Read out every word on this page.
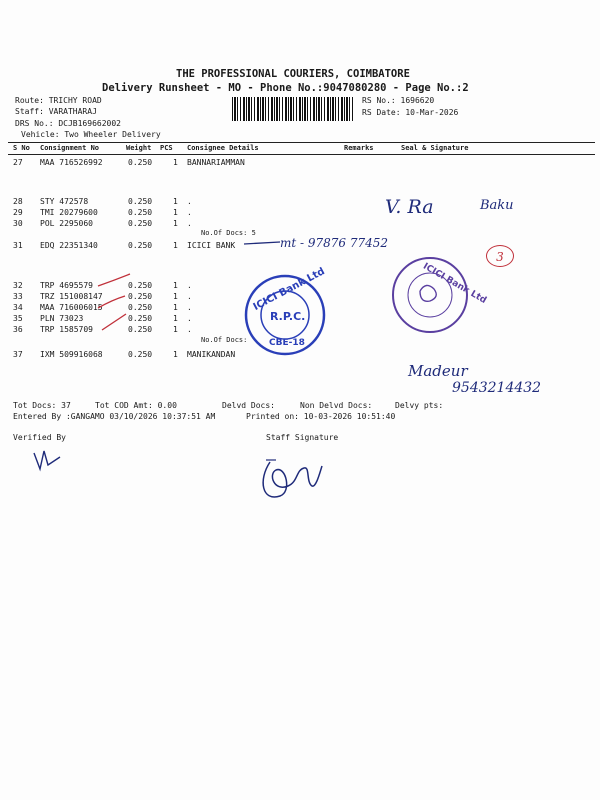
THE PROFESSIONAL COURIERS, COIMBATORE
Delivery Runsheet - MO - Phone No.:9047080280 - Page No.:2
Route: TRICHY ROAD
Staff: VARATHARAJ
DRS No.: DCJB169662002
Vehicle: Two Wheeler Delivery
RS No.: 1696620
RS Date: 10-Mar-2026
S No Consignment No	Weight PCS Consignee Details	Remarks	Seal & Signature
27 MAA 716526992	0.250	1 BANNARIAMMAN
28 STY 472578	0.250	1 .
29 TMI 20279600	0.250	1 .
30 POL 2295060	0.250	1 .
No.Of Docs: 5
31 EDQ 22351340	0.250	1 ICICI BANK
32 TRP 4695579	0.250	1 .
33 TRZ 151008147	0.250	1 .
34 MAA 716006015	0.250	1 .
35 PLN 73023	0.250	1 .
36 TRP 1585709	0.250	1 .
No.Of Docs:
37 IXM 509916068	0.250	1 MANIKANDAN
Tot Docs: 37	Tot COD Amt: 0.00	Delvd Docs:	Non Delvd Docs:	Delvy pts:
Entered By :GANGAMO 03/10/2026 10:37:51 AM	Printed on: 10-03-2026 10:51:40
Verified By	Staff Signature
V. Ra	Baku
mt - 97876 77452
3
Madeur
9543214432
ICICI Bank Ltd
R.P.C.
CBE-18
ICICI Bank Ltd
